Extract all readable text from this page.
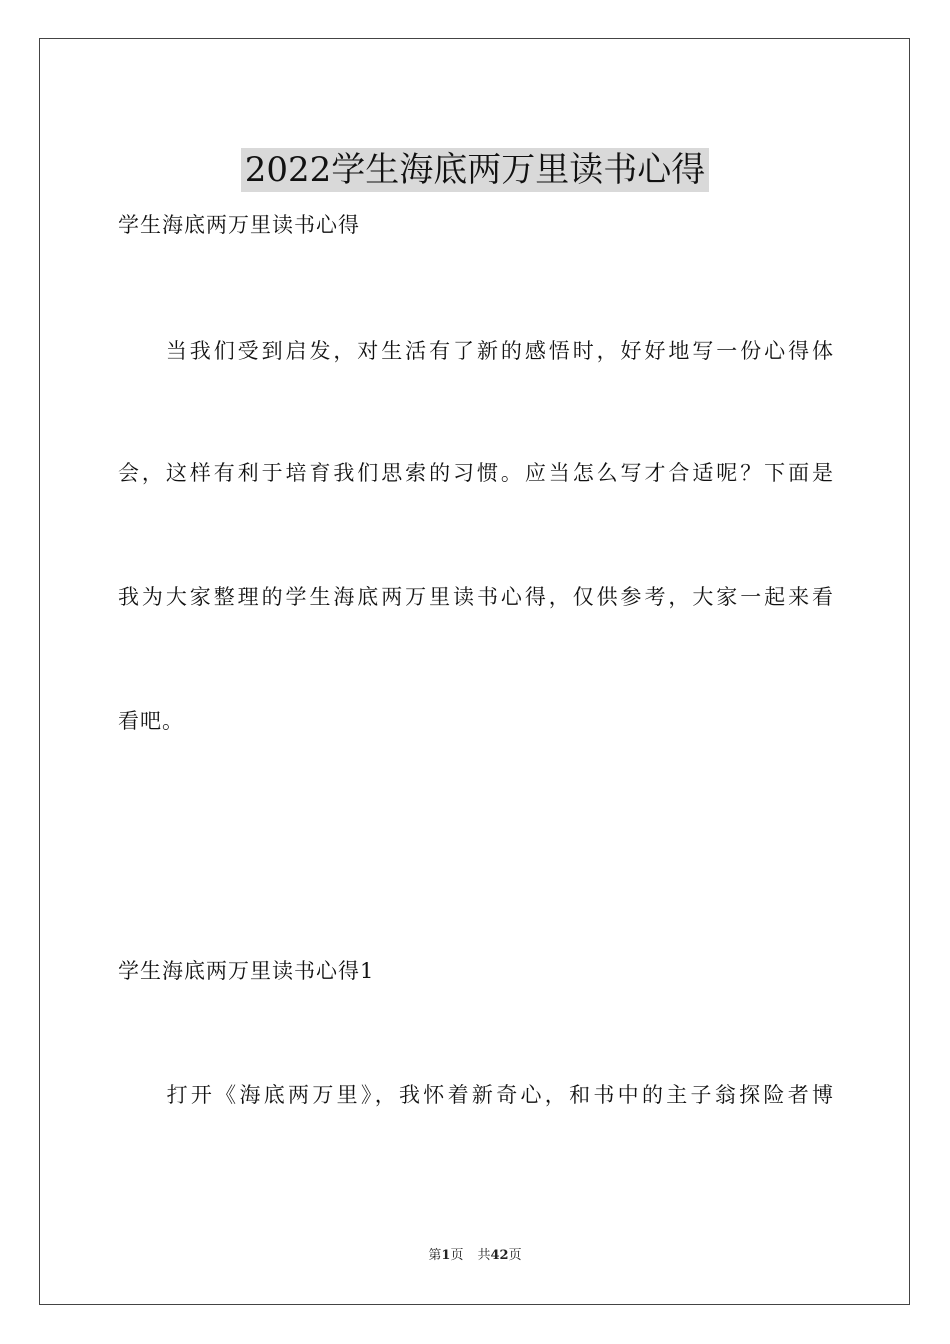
2022学生海底两万里读书心得
学生海底两万里读书心得
　　当我们受到启发，对生活有了新的感悟时，好好地写一份心得体
会，这样有利于培育我们思索的习惯。应当怎么写才合适呢？下面是
我为大家整理的学生海底两万里读书心得，仅供参考，大家一起来看
看吧。
学生海底两万里读书心得1
　　打开《海底两万里》，我怀着新奇心，和书中的主子翁探险者博
第1页 共42页
